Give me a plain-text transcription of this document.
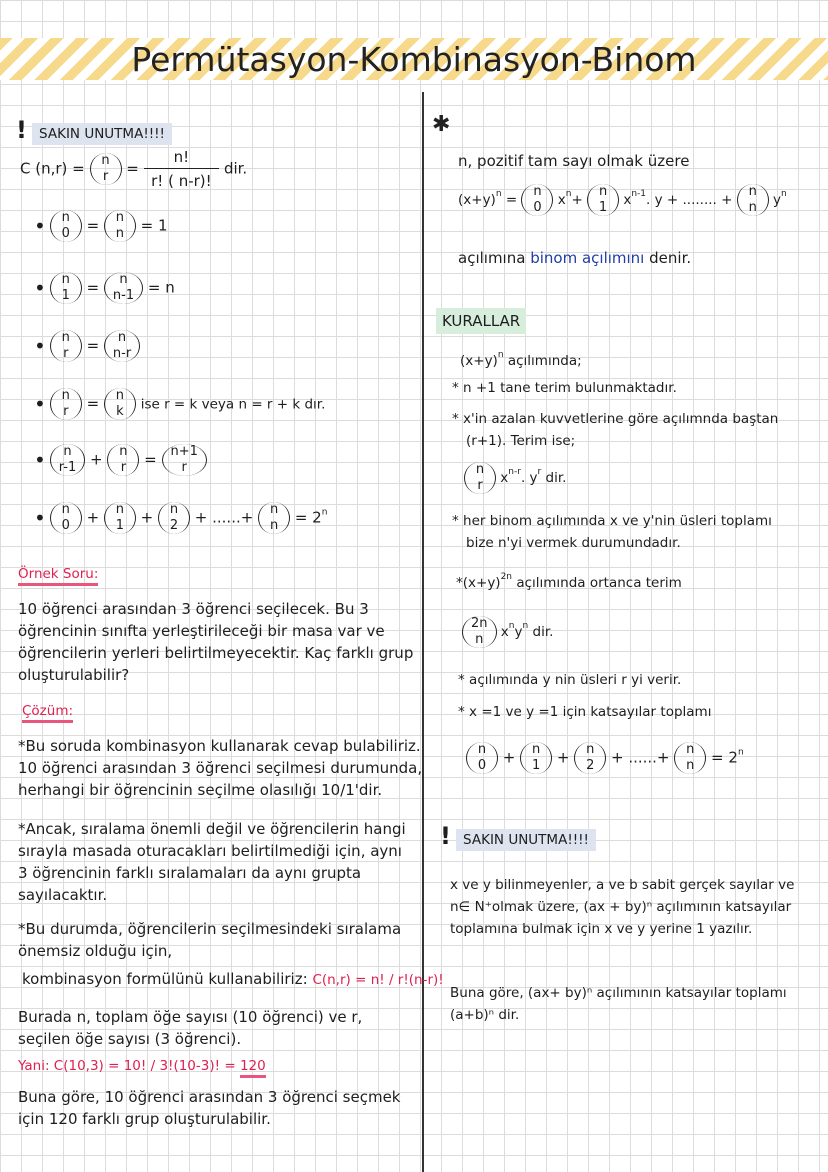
Permütasyon-Kombinasyon-Binom
! SAKIN UNUTMA!!!!
C (n,r) = n
$r = \frac{n!}{r! ( n-r)!}$ dir.
• n
0 = n
n = 1
• n
1 =	n
n-1 = n
• n
r =	n
n-r
• n
r = n
k ise r = k veya n = r + k dır.
•	n
r-1 + n
r = n+1
r
• n
0 + n
1 + n
2 + ......+ n
$n = 2^n$
Örnek Soru:
10 öğrenci arasından 3 öğrenci seçilecek. Bu 3
öğrencinin sınıfta yerleştirileceği bir masa var ve
öğrencilerin yerleri belirtilmeyecektir. Kaç farklı grup
oluşturulabilir?
Çözüm:
*Bu soruda kombinasyon kullanarak cevap bulabiliriz.
10 öğrenci arasından 3 öğrenci seçilmesi durumunda,
herhangi bir öğrencinin seçilme olasılığı 10/1'dir.
*Ancak, sıralama önemli değil ve öğrencilerin hangi
sırayla masada oturacakları belirtilmediği için, aynı
3 öğrencinin farklı sıralamaları da aynı grupta
sayılacaktır.
*Bu durumda, öğrencilerin seçilmesindeki sıralama
önemsiz olduğu için,
kombinasyon formülünü kullanabiliriz: C(n,r) = n! / r!(n-r)!
Burada n, toplam öğe sayısı (10 öğrenci) ve r,
seçilen öğe sayısı (3 öğrenci).
Yani: C(10,3) = 10! / 3!(10-3)! = 120
Buna göre, 10 öğrenci arasından 3 öğrenci seçmek
için 120 farklı grup oluşturulabilir.
✱
n, pozitif tam sayı olmak üzere
$(x+y)^n$ =
n
0 $x^n+$
n
1 $x^{n-1}$. y + ........ +
n
n $y^n$
açılımına binom açılımını denir.
KURALLAR
$(x+y)^n$ açılımında;
* n +1 tane terim bulunmaktadır.
* x'in azalan kuvvetlerine göre açılımnda baştan
(r+1). Terim ise;
n
r $x^{n-r}$. $y^r$ dir.
* her binom açılımında x ve y'nin üsleri toplamı
bize n'yi vermek durumundadır.
$*(x+y)^{2n}$ açılımında ortanca terim
2n
n $x^ny^n$ dir.
* açılımında y nin üsleri r yi verir.
* x =1 ve y =1 için katsayılar toplamı
n
0 + n
1 + n
2 + ......+ n
$n = 2^n$
! SAKIN UNUTMA!!!!
x ve y bilinmeyenler, a ve b sabit gerçek sayılar ve
n∈ N⁺olmak üzere, (ax + by)ⁿ açılımının katsayılar
toplamına bulmak için x ve y yerine 1 yazılır.
Buna göre, (ax+ by)ⁿ açılımının katsayılar toplamı
(a+b)ⁿ dir.
